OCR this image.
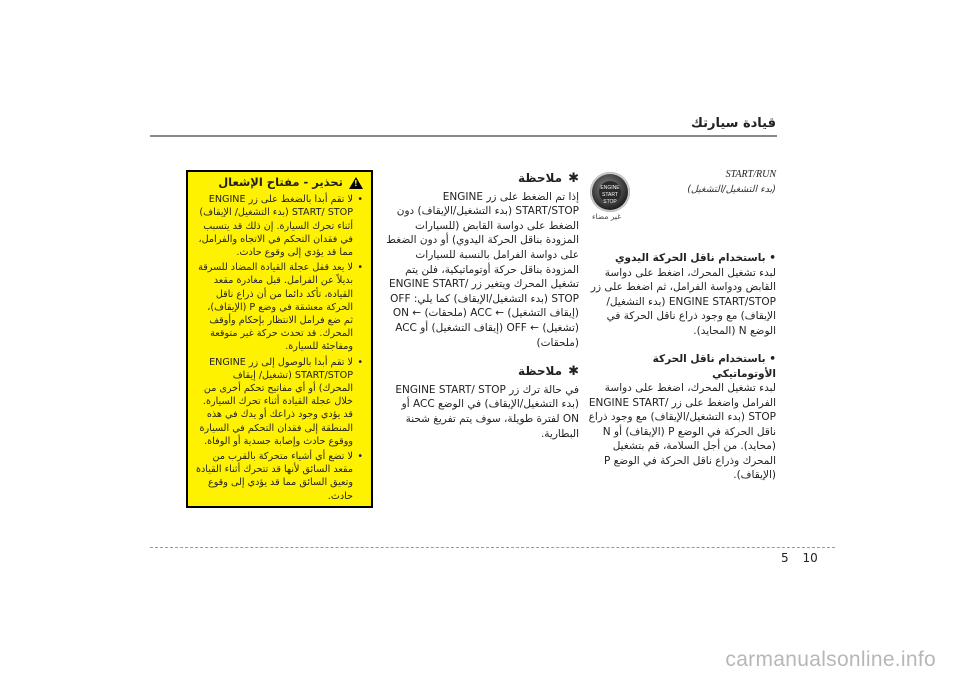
قيادة سيارتك
ENGINE START STOP
غير مضاء
START/RUN
(بدء التشغيل/التشغيل)
• باستخدام ناقل الحركة اليدوي

لبدء تشغيل المحرك، اضغط على دواسة القابض ودواسة الفرامل، ثم اضغط على زر ENGINE START/STOP (بدء التشغيل/الإيقاف) مع وجود ذراع ناقل الحركة في الوضع N (المحايد).

• باستخدام ناقل الحركة الأوتوماتيكي

لبدء تشغيل المحرك، اضغط على دواسة الفرامل واضغط على زر ENGINE START/ STOP (بدء التشغيل/الإيقاف) مع وجود ذراع ناقل الحركة في الوضع P (الإيقاف) أو N (محايد). من أجل السلامة، قم بتشغيل المحرك وذراع ناقل الحركة في الوضع P (الإيقاف).

✱ملاحظة

إذا تم الضغط على زر ENGINE START/STOP (بدء التشغيل/الإيقاف) دون الضغط على دواسة القابض (للسيارات المزودة بناقل الحركة اليدوي) أو دون الضغط على دواسة الفرامل بالنسبة للسيارات المزودة بناقل حركة أوتوماتيكية، فلن يتم تشغيل المحرك ويتغير زر ENGINE START/ STOP (بدء التشغيل/الإيقاف) كما يلي: OFF (إيقاف التشغيل) ← ACC (ملحقات) ← ON (تشغيل) ← OFF (إيقاف التشغيل) أو ACC (ملحقات)

✱ملاحظة

في حالة ترك زر ENGINE START/ STOP (بدء التشغيل/الإيقاف) في الوضع ACC أو ON لفترة طويلة، سوف يتم تفريغ شحنة البطارية.

!
تحذير - مفتاح الإشعال
• لا تقم أبدا بالضغط على زر ENGINE START/ STOP (بدء التشغيل/ الإيقاف) أثناء تحرك السيارة. إن ذلك قد يتسبب في فقدان التحكم في الاتجاه والفرامل، مما قد يؤدي إلى وقوع حادث.
• لا يعد قفل عجلة القيادة المضاد للسرقة بديلاً عن الفرامل. قبل مغادرة مقعد القيادة، تأكد دائما من أن ذراع ناقل الحركة معشقة في وضع P (الإيقاف)، ثم ضع فرامل الانتظار بإحكام وأوقف المحرك. قد تحدث حركة غير متوقعة ومفاجئة للسيارة.
• لا تقم أبدا بالوصول إلى زر ENGINE START/STOP (تشغيل/ إيقاف المحرك) أو أي مفاتيح تحكم أخرى من خلال عجلة القيادة أثناء تحرك السيارة. قد يؤدي وجود ذراعك أو يدك في هذه المنطقة إلى فقدان التحكم في السيارة ووقوع حادث وإصابة جسدية أو الوفاة.
• لا تضع أي أشياء متحركة بالقرب من مقعد السائق لأنها قد تتحرك أثناء القيادة وتعيق السائق مما قد يؤدي إلى وقوع حادث.
5 10
carmanualsonline.info
